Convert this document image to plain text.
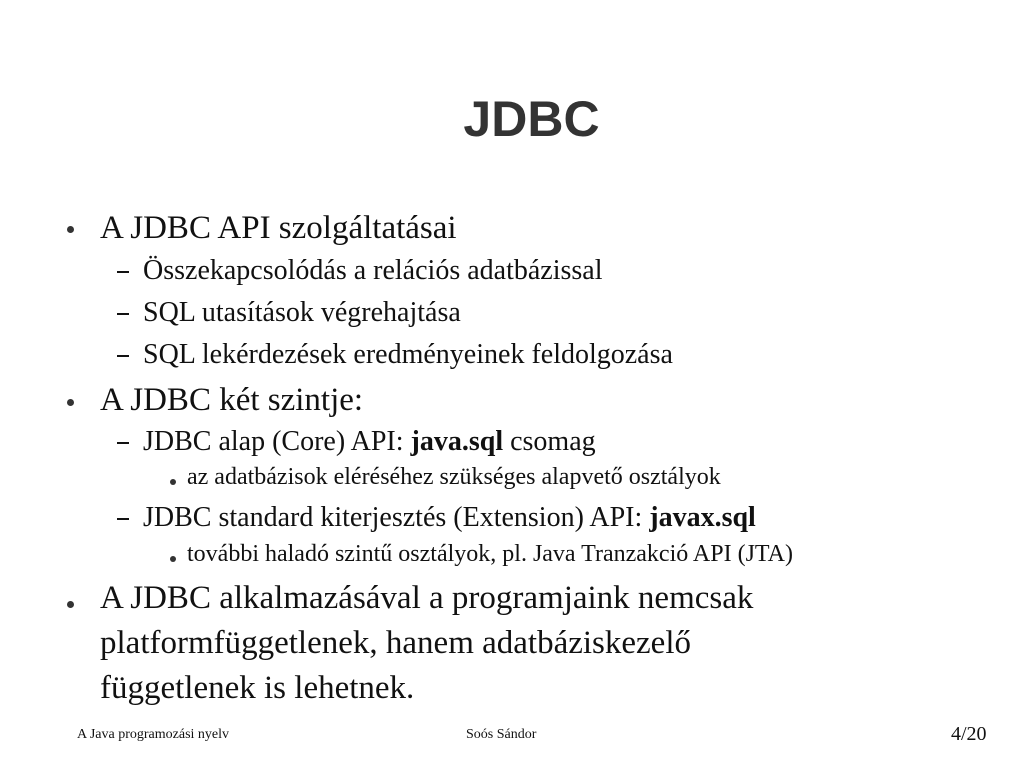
JDBC
A JDBC API szolgáltatásai
Összekapcsolódás a relációs adatbázissal
SQL utasítások végrehajtása
SQL lekérdezések eredményeinek feldolgozása
A JDBC két szintje:
JDBC alap (Core) API: java.sql csomag
az adatbázisok eléréséhez szükséges alapvető osztályok
JDBC standard kiterjesztés (Extension) API: javax.sql
további haladó szintű osztályok, pl. Java Tranzakció API (JTA)
A JDBC alkalmazásával a programjaink nemcsak
platformfüggetlenek, hanem adatbáziskezelő
függetlenek is lehetnek.
A Java programozási nyelv	Soós Sándor	4/20
